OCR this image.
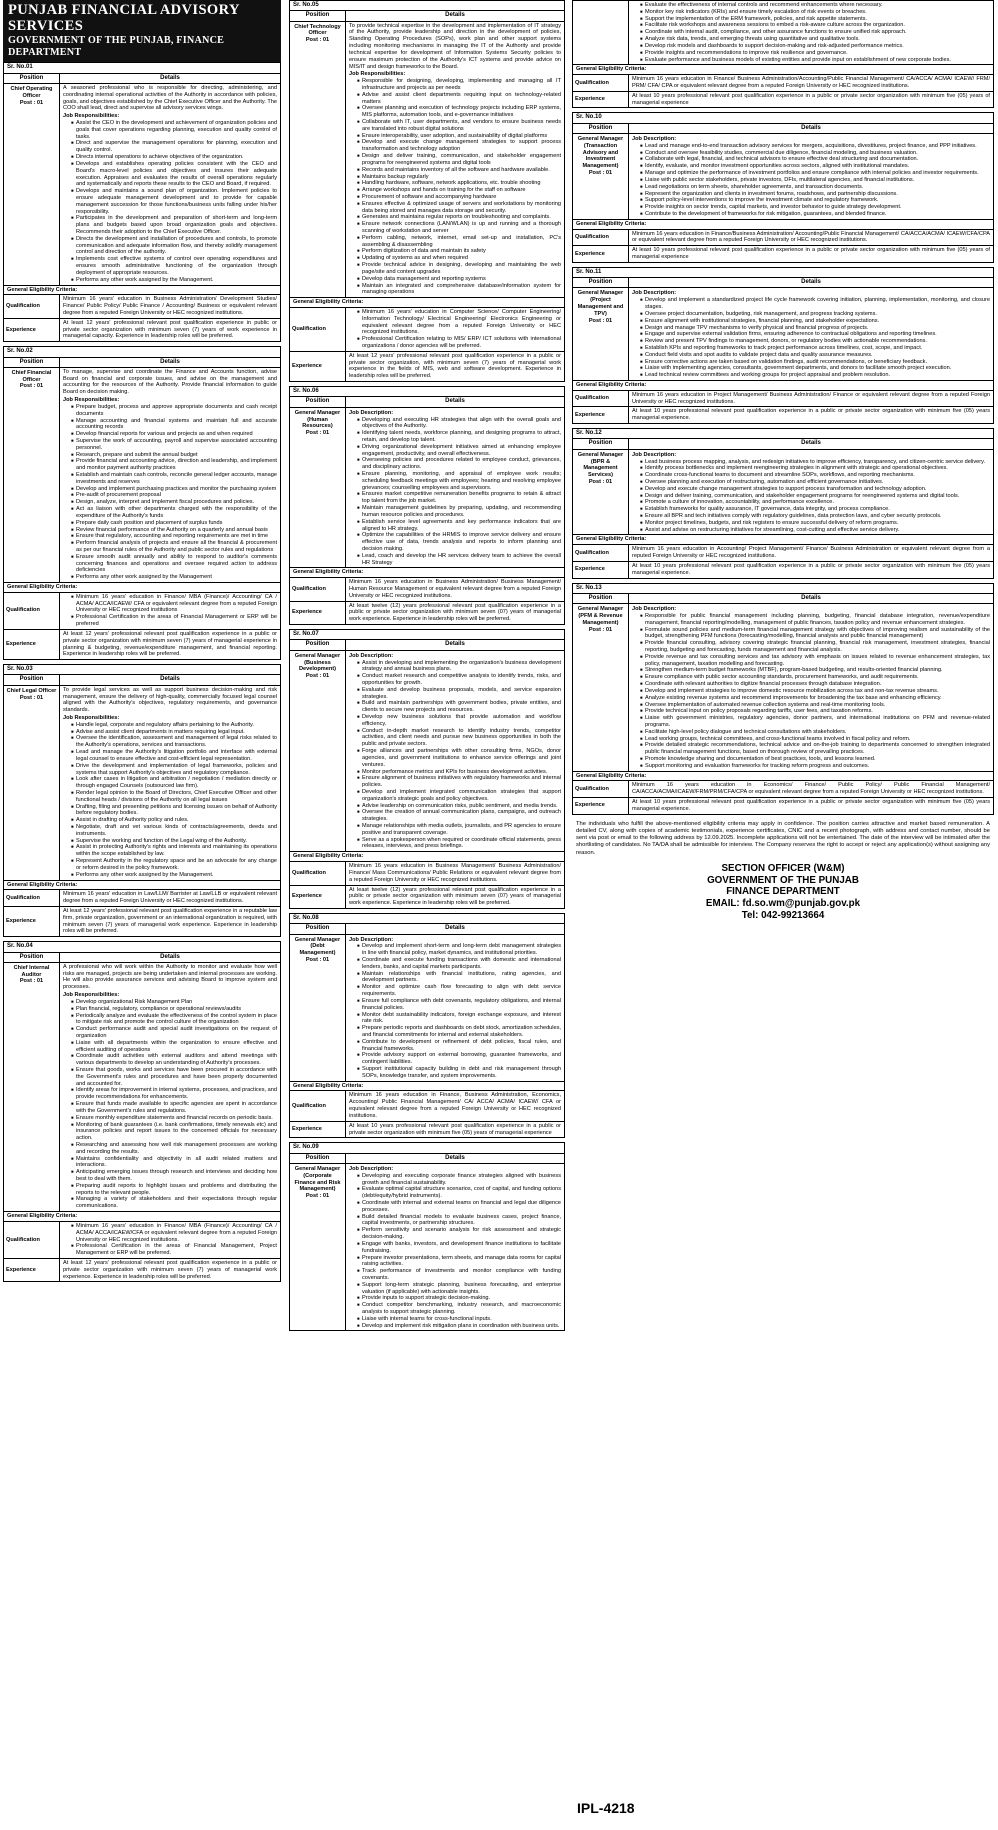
PUNJAB FINANCIAL ADVISORY SERVICES
GOVERNMENT OF THE PUNJAB, FINANCE DEPARTMENT
Sr. No.01
Position	Details
Chief Operating Officer
Post : 01
A seasoned professional who is responsible for directing, administering, and coordinating internal operational activities of the Authority in accordance with policies, goals, and objectives established by the Chief Executive Officer and the Authority. The COO shall lead, direct and supervise all advisory services wings.
Job Responsibilities:
■ Assist the CEO in the development and achievement of organization policies and goals that cover operations regarding planning, execution and quality control of tasks.
■ Direct and supervise the management operations for planning, execution and quality control.
■ Directs internal operations to achieve objectives of the organization.
■ Develops and establishes operating policies consistent with the CEO and Board's macro-level policies and objectives and insures their adequate execution. Appraises and evaluates the results of overall operations regularly and systematically and reports these results to the CEO and Board, if required.
■ Develops and maintains a sound plan of organization. Implement policies to ensure adequate management development and to provide for capable management succession for those functions/business units falling under his/her responsibility.
■ Participates in the development and preparation of short-term and long-term plans and budgets based upon broad organization goals and objectives. Recommends their adoption to the Chief Executive Officer.
■ Directs the development and installation of procedures and controls, to promote communication and adequate information flow, and thereby solidify management control and direction of the authority.
■ Implements cost effective systems of control over operating expenditures and ensures smooth administrative functioning of the organization through deployment of appropriate resources.
■ Performs any other work assigned by the Management.
General Eligibility Criteria:
Qualification
Minimum 16 years' education in Business Administration/ Development Studies/ Finance/ Public Policy/ Public Finance / Accounting/ Business or equivalent relevant degree from a reputed Foreign University or HEC recognized institutions.
Experience
At least 12 years' professional relevant post qualification experience in public or private sector organization with minimum seven (7) years of work experience in managerial capacity. Experience in leadership roles will be preferred.
Sr. No.02
Position	Details
Chief Financial Officer
Post : 01
To manage, supervise and coordinate the Finance and Accounts function, advise Board on financial and corporate issues, and advise on the management and accounting for the resources of the Authority. Provide financial information to guide Board on decision making.
Job Responsibilities:
■ Prepare budget, process and approve appropriate documents and cash receipt documents
■ Manage accounting and financial systems and maintain full and accurate accounting records
■ Develop financial reports for various and projects as and when required
■ Supervise the work of accounting, payroll and supervise associated accounting personnel.
■ Research, prepare and submit the annual budget
■ Provide financial and accounting advice, direction and leadership, and implement and monitor payment authority practices
■ Establish and maintain cash controls, reconcile general ledger accounts, manage investments and reserves
■ Develop and implement purchasing practices and monitor the purchasing system
■ Pre-audit of procurement proposal
■ Design, analyze, interpret and implement fiscal procedures and policies.
■ Act as liaison with other departments charged with the responsibility of the expenditure of the Authority's funds
■ Prepare daily cash position and placement of surplus funds
■ Review financial performance of the Authority on a quarterly and annual basis
■ Ensure that regulatory, accounting and reporting requirements are met in time
■ Perform financial analysis of projects and ensure all the financial & procurement as per our financial rules of the Authority and public sector rules and regulations
■ Ensure smooth audit annually and ability to respond to auditor's comments concerning finances and operations and oversee required action to address deficiencies
■ Performs any other work assigned by the Management
General Eligibility Criteria:
Qualification
■ Minimum 16 years' education in Finance/ MBA (Finance)/ Accounting/ CA / ACMA/ ACCA/ICAEW/ CFA or equivalent relevant degree from a reputed Foreign University or HEC recognized institutions
■ Professional Certification in the areas of Financial Management or ERP will be preferred
Experience
At least 12 years' professional relevant post qualification experience in a public or private sector organization with minimum seven (7) years of managerial experience in planning & budgeting, revenue/expenditure management, and financial reporting. Experience in leadership roles will be preferred.
Sr. No.03
Position	Details
Chief Legal Officer
Post : 01
To provide legal services as well as support business decision-making and risk management, ensure the delivery of high-quality, commercially focused legal counsel aligned with the Authority's objectives, regulatory requirements, and governance standards.
Job Responsibilities:
■ Handle legal, corporate and regulatory affairs pertaining to the Authority.
■ Advise and assist client departments in matters requiring legal input.
■ Oversee the identification, assessment and management of legal risks related to the Authority's operations, services and transactions.
■ Lead and manage the Authority's litigation portfolio and interface with external legal counsel to ensure effective and cost-efficient legal representation.
■ Drive the development and implementation of legal frameworks, policies and systems that support Authority's objectives and regulatory compliance.
■ Look after cases in litigation and arbitration / negotiation / mediation directly or through engaged Counsels (outsourced law firm).
■ Render legal opinion to the Board of Directors, Chief Executive Officer and other functional heads / divisions of the Authority on all legal issues
■ Drafting, filing and presenting petitions and licensing issues on behalf of Authority before regulatory bodies.
■ Assist in drafting of Authority policy and rules.
■ Negotiate, draft and vet various kinds of contracts/agreements, deeds and instruments.
■ Supervise the working and function of the Legal wing of the Authority.
■ Assist in protecting Authority's rights and interests and maintaining its operations within the scope established by law.
■ Represent Authority in the regulatory space and be an advocate for any change or reform desired in the policy framework.
■ Performs any other work assigned by the Management.
General Eligibility Criteria:
Qualification
Minimum 16 years' education in Law/LLM/ Barrister at Law/LLB or equivalent relevant degree from a reputed Foreign University or HEC recognized institutions.
Experience
At least 12 years' professional relevant post qualification experience in a reputable law firm, private organization, government or an international organization is required, with minimum seven (7) years of managerial work experience. Experience in leadership roles will be preferred.
Sr. No.04
Position	Details
Chief Internal Auditor
Post : 01
A professional who will work within the Authority to monitor and evaluate how well risks are managed, projects are being undertaken and internal processes are working. He will also provide assurance services and advising Board to improve system and processes.
Job Responsibilities:
■ Develop organizational Risk Management Plan
■ Plan financial, regulatory, compliance or operational reviews/audits
■ Periodically analyze and evaluate the effectiveness of the control system in place to mitigate risk and promote the control culture of the organization
■ Conduct performance audit and special audit investigations on the request of organization
■ Liaise with all departments within the organization to ensure effective and efficient auditing of operations
■ Coordinate audit activities with external auditors and attend meetings with various departments to develop an understanding of Authority's processes.
■ Ensure that goods, works and services have been procured in accordance with the Government's rules and procedures and have been properly documented and accounted for.
■ Identify areas for improvement in internal systems, processes, and practices, and provide recommendations for enhancements.
■ Ensure that funds made available to specific agencies are spent in accordance with the Government's rules and regulations.
■ Ensure monthly expenditure statements and financial records on periodic basis.
■ Monitoring of bank guarantees (i.e. bank confirmations, timely renewals etc) and insurance policies and report issues to the concerned officials for necessary action.
■ Researching and assessing how well risk management processes are working and recording the results.
■ Maintains confidentiality and objectivity in all audit related matters and interactions.
■ Anticipating emerging issues through research and interviews and deciding how best to deal with them.
■ Preparing audit reports to highlight issues and problems and distributing the reports to the relevant people.
■ Managing a variety of stakeholders and their expectations through regular communications.
General Eligibility Criteria:
Qualification
■ Minimum 16 years' education in Finance/ MBA (Finance)/ Accounting/ CA / ACMA/ ACCA/ICAEW/CFA or equivalent relevant degree from a reputed Foreign University or HEC recognized institutions.
■ Professional Certification in the areas of Financial Management, Project Management or ERP will be preferred.
Experience
At least 12 years' professional relevant post qualification experience in a public or private sector organization with minimum seven (7) years of managerial work experience. Experience in leadership roles will be preferred.
Sr. No.05
Position	Details
Chief Technology Officer
Post : 01
To provide technical expertise in the development and implementation of IT strategy of the Authority, provide leadership and direction in the development of policies, Standing Operating Procedures (SOPs), work plan and other support systems including monitoring mechanisms in managing the IT of the Authority and provide technical expertise for development of Information Systems Security policies to ensure maximum protection of the Authority's ICT systems and provide advice on MIS/IT and design frameworks to the Board.
Job Responsibilities:
■ Responsible for designing, developing, implementing and managing all IT infrastructure and projects as per needs
■ Advise and assist client departments requiring input on technology-related matters
■ Oversee planning and execution of technology projects including ERP systems, MIS platforms, automation tools, and e-governance initiatives
■ Collaborate with IT, user departments, and vendors to ensure business needs are translated into robust digital solutions
■ Ensure interoperability, user adoption, and sustainability of digital platforms
■ Develop and execute change management strategies to support process transformation and technology adoption
■ Design and deliver training, communication, and stakeholder engagement programs for reengineered systems and digital tools
■ Records and maintains inventory of all the software and hardware available.
■ Maintains backup regularly
■ Handling hardware, software, network applications, etc. trouble shooting
■ Arrange workshops and hands on training for the staff on software
■ Procurement of software and accompanying hardware
■ Ensures effective & optimized usage of servers and workstations by monitoring data being stored and manages data storage and security.
■ Generates and maintains regular reports on troubleshooting and complaints.
■ Ensure network connections (LAN/WLAN) is up and running and a thorough scanning of workstation and server
■ Perform cabling, network, internet, email set-up and installation, PC's assembling & disassembling
■ Perform digitization of data and maintain its safety
■ Updating of systems as and when required
■ Provide technical advice in designing, developing and maintaining the web page/site and content upgrades
■ Develop data management and reporting systems
■ Maintain an integrated and comprehensive database/information system for managing operations
General Eligibility Criteria:
Qualification
■ Minimum 16 years' education in Computer Science/ Computer Engineering/ Information Technology/ Electrical Engineering/ Electronics Engineering or equivalent relevant degree from a reputed Foreign University or HEC recognized institutions.
■ Professional Certification relating to MIS/ ERP/ ICT solutions with international organizations / donor agencies will be preferred.
Experience
At least 12 years' professional relevant post qualification experience in a public or private sector organization, with minimum seven (7) years of managerial work experience in the fields of MIS, web and software development. Experience in leadership roles will be preferred.
Sr. No.06
Position	Details
General Manager (Human Resources)
Post : 01
Job Description:
■ Developing and executing HR strategies that align with the overall goals and objectives of the Authority.
■ Identifying talent needs, workforce planning, and designing programs to attract, retain, and develop top talent.
■ Driving organizational development initiatives aimed at enhancing employee engagement, productivity, and overall effectiveness.
■ Overseeing policies and procedures related to employee conduct, grievances, and disciplinary actions.
■ Ensure planning, monitoring, and appraisal of employee work results; scheduling feedback meetings with employees; hearing and resolving employee grievances; counselling employees and supervisors.
■ Ensures market competitive remuneration benefits programs to retain & attract top talent from the job market.
■ Maintain management guidelines by preparing, updating, and recommending human resource policies and procedures.
■ Establish service level agreements and key performance indicators that are aligned to HR strategy.
■ Optimize the capabilities of the HRMIS to improve service delivery and ensure effective use of data, trends analysis and reports to inform planning and decision making.
■ Lead, coach and develop the HR services delivery team to achieve the overall HR Strategy
General Eligibility Criteria:
Qualification
Minimum 16 years education in Business Administration/ Business Management/ Human Resource Management or equivalent relevant degree from a reputed Foreign University or HEC recognized institutions.
Experience
At least twelve (12) years professional relevant post qualification experience in a public or private sector organization with minimum seven (07) years of managerial work experience. Experience in leadership roles will be preferred.
Sr. No.07
Position	Details
General Manager (Business Development)
Post : 01
Job Description:
■ Assist in developing and implementing the organization's business development strategy and annual business plans.
■ Conduct market research and competitive analysis to identify trends, risks, and opportunities for growth.
■ Evaluate and develop business proposals, models, and service expansion strategies.
■ Build and maintain partnerships with government bodies, private entities, and clients to secure new projects and resources.
■ Develop new business solutions that provide automation and workflow efficiency.
■ Conduct in-depth market research to identify industry trends, competitor activities, and client needs and pursue new business opportunities in both the public and private sectors.
■ Forge alliances and partnerships with other consulting firms, NGOs, donor agencies, and government institutions to enhance service offerings and joint ventures.
■ Monitor performance metrics and KPIs for business development activities.
■ Ensure alignment of business initiatives with regulatory frameworks and internal policies.
■ Develop and implement integrated communication strategies that support organization's strategic goals and policy objectives.
■ Advise leadership on communication risks, public sentiment, and media trends.
■ Oversee the creation of annual communication plans, campaigns, and outreach strategies.
■ Manage relationships with media outlets, journalists, and PR agencies to ensure positive and transparent coverage.
■ Serve as a spokesperson when required or coordinate official statements, press releases, interviews, and press briefings.
General Eligibility Criteria:
Qualification
Minimum 16 years education in Business Management/ Business Administration/ Finance/ Mass Communications/ Public Relations or equivalent relevant degree from a reputed Foreign University or HEC recognized institutions.
Experience
At least twelve (12) years professional relevant post qualification experience in a public or private sector organization with minimum seven (07) years of managerial work experience. Experience in leadership roles will be preferred.
Sr. No.08
Position	Details
General Manager (Debt Management)
Post : 01
Job Description:
■ Develop and implement short-term and long-term debt management strategies in line with financial policy, market dynamics, and institutional priorities.
■ Coordinate and execute funding transactions with domestic and international lenders, banks, and capital markets participants.
■ Maintain relationships with financial institutions, rating agencies, and development partners.
■ Monitor and optimize cash flow forecasting to align with debt service requirements.
■ Ensure full compliance with debt covenants, regulatory obligations, and internal financial policies.
■ Monitor debt sustainability indicators, foreign exchange exposure, and interest rate risk.
■ Prepare periodic reports and dashboards on debt stock, amortization schedules, and financial commitments for internal and external stakeholders.
■ Contribute to development or refinement of debt policies, fiscal rules, and financial frameworks.
■ Provide advisory support on external borrowing, guarantee frameworks, and contingent liabilities.
■ Support institutional capacity building in debt and risk management through SOPs, knowledge transfer, and system improvements.
General Eligibility Criteria:
Qualification
Minimum 16 years education in Finance, Business Administration, Economics, Accounting/ Public Financial Management/ CA/ ACCA/ ACMA/ ICAEW/ CFA or equivalent relevant degree from a reputed Foreign University or HEC recognized institutions.
Experience
At least 10 years professional relevant post qualification experience in a public or private sector organization with minimum five (05) years of managerial experience
Sr. No.09
Position	Details
General Manager (Corporate Finance and Risk Management)
Post : 01
Job Description:
■ Developing and executing corporate finance strategies aligned with business growth and financial sustainability.
■ Evaluate optimal capital structure scenarios, cost of capital, and funding options (debt/equity/hybrid instruments).
■ Coordinate with internal and external teams on financial and legal due diligence processes.
■ Build detailed financial models to evaluate business cases, project finance, capital investments, or partnership structures.
■ Perform sensitivity and scenario analysis for risk assessment and strategic decision-making.
■ Engage with banks, investors, and development finance institutions to facilitate fundraising.
■ Prepare investor presentations, term sheets, and manage data rooms for capital raising activities.
■ Track performance of investments and monitor compliance with funding covenants.
■ Support long-term strategic planning, business forecasting, and enterprise valuation (if applicable) with actionable insights.
■ Provide inputs to support strategic decision-making.
■ Conduct competitor benchmarking, industry research, and macroeconomic analysis to support strategic planning.
■ Liaise with internal teams for cross-functional inputs.
■ Develop and implement risk mitigation plans in coordination with business units.
■ Evaluate the effectiveness of internal controls and recommend enhancements where necessary.
■ Monitor key risk indicators (KRIs) and ensure timely escalation of risk events or breaches.
■ Support the implementation of the ERM framework, policies, and risk appetite statements.
■ Facilitate risk workshops and awareness sessions to embed a risk-aware culture across the organization.
■ Coordinate with internal audit, compliance, and other assurance functions to ensure unified risk approach.
■ Analyze risk data, trends, and emerging threats using quantitative and qualitative tools.
■ Develop risk models and dashboards to support decision-making and risk-adjusted performance metrics.
■ Provide insights and recommendations to improve risk resilience and governance.
■ Evaluate performance and business models of existing entities and provide input on establishment of new corporate bodies.
General Eligibility Criteria:
Qualification
Minimum 16 years education in Finance/ Business Administration/Accounting/Public Financial Management/ CA/ACCA/ ACMA/ ICAEW/ FRM/ PRM/ CFA/ CPA or equivalent relevant degree from a reputed Foreign University or HEC recognized institutions.
Experience
At least 10 years professional relevant post qualification experience in a public or private sector organization with minimum five (05) years of managerial experience
Sr. No.10
Position	Details
General Manager (Transaction Advisory and Investment Management)
Post : 01
Job Description:
■ Lead and manage end-to-end transaction advisory services for mergers, acquisitions, divestitures, project finance, and PPP initiatives.
■ Conduct and oversee feasibility studies, commercial due diligence, financial modeling, and business valuation.
■ Collaborate with legal, financial, and technical advisors to ensure effective deal structuring and documentation.
■ Identify, evaluate, and monitor investment opportunities across sectors, aligned with institutional mandates.
■ Manage and optimize the performance of investment portfolios and ensure compliance with internal policies and investor requirements.
■ Liaise with public sector stakeholders, private investors, DFIs, multilateral agencies, and financial institutions.
■ Lead negotiations on term sheets, shareholder agreements, and transaction documents.
■ Represent the organization and clients in investment forums, roadshows, and partnership discussions.
■ Support policy-level interventions to improve the investment climate and regulatory framework.
■ Provide insights on sector trends, capital markets, and investor behavior to guide strategy development.
■ Contribute to the development of frameworks for risk mitigation, guarantees, and blended finance.
General Eligibility Criteria:
Qualification
Minimum 16 years education in Finance/Business Administration/ Accounting/Public Financial Management/ CA/ACCA/ACMA/ ICAEW/CFA/CPA or equivalent relevant degree from a reputed Foreign University or HEC recognized institutions.
Experience
At least 10 years professional relevant post qualification experience in a public or private sector organization with minimum five (05) years of managerial experience
Sr. No.11
Position	Details
General Manager (Project Management and TPV)
Post : 01
Job Description:
■ Develop and implement a standardized project life cycle framework covering initiation, planning, implementation, monitoring, and closure stages.
■ Oversee project documentation, budgeting, risk management, and progress tracking systems.
■ Ensure alignment with institutional strategies, financial planning, and stakeholder expectations.
■ Design and manage TPV mechanisms to verify physical and financial progress of projects.
■ Engage and supervise external validation firms, ensuring adherence to contractual obligations and reporting timelines.
■ Review and present TPV findings to management, donors, or regulatory bodies with actionable recommendations.
■ Establish KPIs and reporting frameworks to track project performance across timelines, cost, scope, and impact.
■ Conduct field visits and spot audits to validate project data and quality assurance measures.
■ Ensure corrective actions are taken based on validation findings, audit recommendations, or beneficiary feedback.
■ Liaise with implementing agencies, consultants, government departments, and donors to facilitate smooth project execution.
■ Lead technical review committees and working groups for project appraisal and problem resolution.
General Eligibility Criteria:
Qualification
Minimum 16 years education in Project Management/ Business Administration/ Finance or equivalent relevant degree from a reputed Foreign University or HEC recognized institutions.
Experience
At least 10 years professional relevant post qualification experience in a public or private sector organization with minimum five (05) years managerial experience.
Sr. No.12
Position	Details
General Manager (BPR & Management Services)
Post : 01
Job Description:
■ Lead business process mapping, analysis, and redesign initiatives to improve efficiency, transparency, and citizen-centric service delivery.
■ Identify process bottlenecks and implement reengineering strategies in alignment with strategic and operational objectives.
■ Coordinate cross-functional teams to document and streamline SOPs, workflows, and reporting mechanisms.
■ Oversee planning and execution of restructuring, automation and efficient governance initiatives.
■ Develop and execute change management strategies to support process transformation and technology adoption.
■ Design and deliver training, communication, and stakeholder engagement programs for reengineered systems and digital tools.
■ Promote a culture of innovation, accountability, and performance excellence.
■ Establish frameworks for quality assurance, IT governance, data integrity, and process compliance.
■ Ensure all BPR and tech initiatives comply with regulatory guidelines, data protection laws, and cyber security protocols.
■ Monitor project timelines, budgets, and risk registers to ensure successful delivery of reform programs.
■ Assist and advise on restructuring initiatives for streamlining, cost-cutting and effective service delivery.
General Eligibility Criteria:
Qualification
Minimum 16 years education in Accounting/ Project Management/ Finance/ Business Administration or equivalent relevant degree from a reputed Foreign University or HEC recognized institutions.
Experience
At least 10 years professional relevant post qualification experience in a public or private sector organization with minimum five (05) years managerial experience.
Sr. No.13
Position	Details
General Manager (PFM & Revenue Management)
Post : 01
Job Description:
■ Responsible for public financial management including planning, budgeting, financial database integration, revenue/expenditure management, financial reporting/modelling, management of public finances, taxation policy and revenue enhancement strategies.
■ Formulate sound policies and medium-term financial management strategy with objectives of improving realism and sustainability of the budget, strengthening PFM functions (forecasting/modelling, financial analysis and public financial management)
■ Provide financial consulting, advisory covering strategic financial planning, financial risk management, investment strategies, financial reporting, budgeting and forecasting, funds management and financial analysis.
■ Provide revenue and tax consulting services and tax advisory with emphasis on issues related to revenue enhancement strategies, tax policy, management, taxation modelling and forecasting.
■ Strengthen medium-term budget frameworks (MTBF), program-based budgeting, and results-oriented financial planning.
■ Ensure compliance with public sector accounting standards, procurement frameworks, and audit requirements.
■ Coordinate with relevant authorities to digitize financial processes through database integration.
■ Develop and implement strategies to improve domestic resource mobilization across tax and non-tax revenue streams.
■ Analyze existing revenue systems and recommend improvements for broadening the tax base and enhancing efficiency.
■ Oversee implementation of automated revenue collection systems and real-time monitoring tools.
■ Provide technical input on policy proposals regarding tariffs, user fees, and taxation reforms.
■ Liaise with government ministries, regulatory agencies, donor partners, and international institutions on PFM and revenue-related programs.
■ Facilitate high-level policy dialogue and technical consultations with stakeholders.
■ Lead working groups, technical committees, and cross-functional teams involved in fiscal policy and reform.
■ Provide detailed strategic recommendations, technical advice and on-the-job training to departments concerned to strengthen integrated public financial management functions, based on thorough review of prevailing practices.
■ Promote knowledge sharing and documentation of best practices, tools, and lessons learned.
■ Support monitoring and evaluation frameworks for tracking reform progress and outcomes.
General Eligibility Criteria:
Qualification
Minimum 16 years education in Economics/ Finance/ Public Policy/ Public Financial Management/ CA/ACCA/ACMA/ICAEW/FRM/PRM/CFA/CPA or equivalent relevant degree from a reputed Foreign University or HEC recognized institutions.
Experience
At least 10 years professional relevant post qualification experience in a public or private sector organization with minimum five (05) years managerial experience.
The individuals who fulfill the above-mentioned eligibility criteria may apply in confidence. The position carries attractive and market based remuneration. A detailed CV, along with copies of academic testimonials, experience certificates, CNIC and a recent photograph, with address and contact number, should be sent via post or email to the following address by 12.09.2025. Incomplete applications will not be entertained. The date of the interview will be intimated after the shortlisting of candidates. No TA/DA shall be admissible for interview. The Company reserves the right to accept or reject any application(s) without assigning any reason.
SECTION OFFICER (W&M)
GOVERNMENT OF THE PUNJAB
FINANCE DEPARTMENT
EMAIL: fd.so.wm@punjab.gov.pk
Tel: 042-99213664
IPL-4218
